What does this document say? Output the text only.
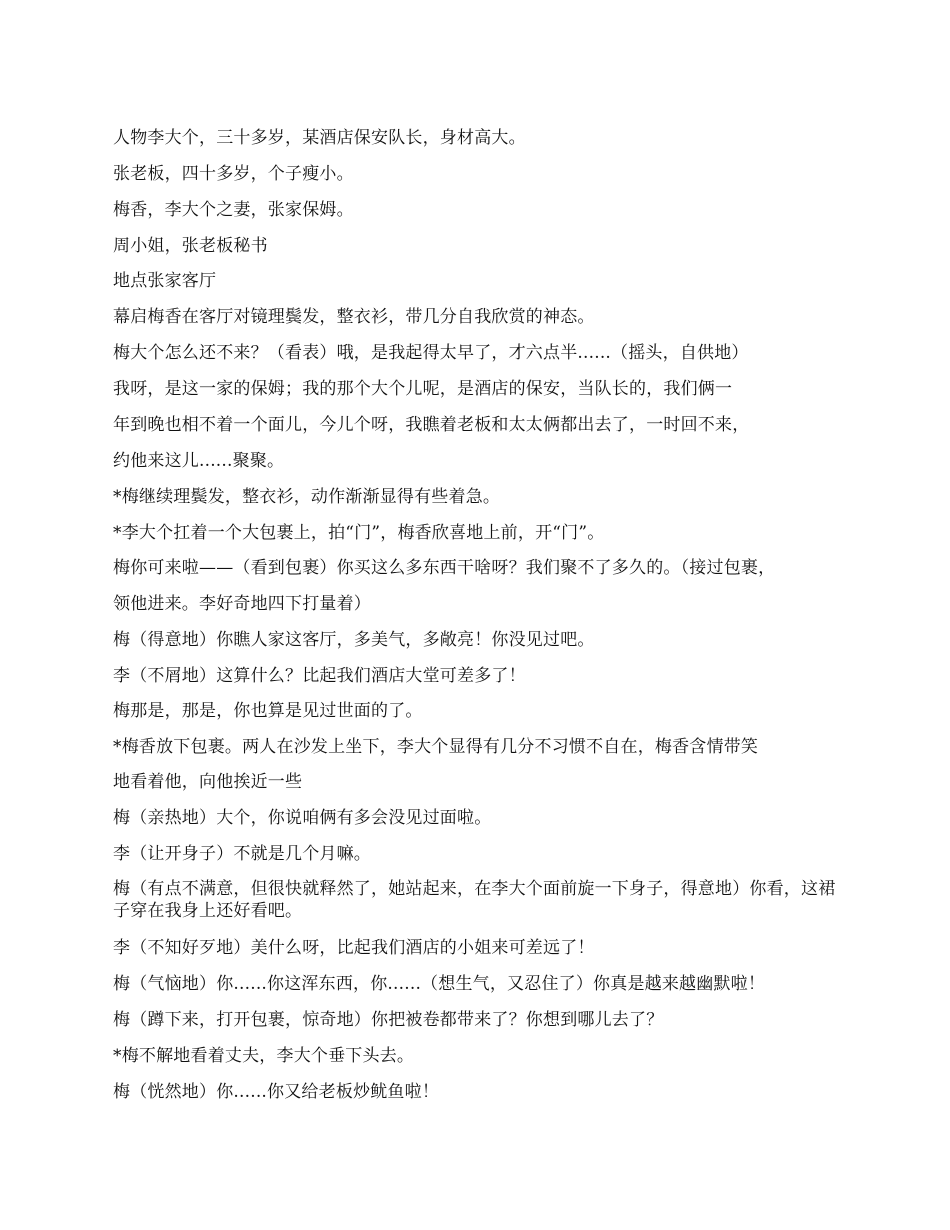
人物李大个，三十多岁，某酒店保安队长，身材高大。
张老板，四十多岁，个子瘦小。
梅香，李大个之妻，张家保姆。
周小姐，张老板秘书
地点张家客厅
幕启梅香在客厅对镜理鬓发，整衣衫，带几分自我欣赏的神态。
梅大个怎么还不来？（看表）哦，是我起得太早了，才六点半......（摇头，自供地）
我呀，是这一家的保姆；我的那个大个儿呢，是酒店的保安，当队长的，我们俩一
年到晚也相不着一个面儿，今儿个呀，我瞧着老板和太太俩都出去了，一时回不来，
约他来这儿......聚聚。
*梅继续理鬓发，整衣衫，动作渐渐显得有些着急。
*李大个扛着一个大包裹上，拍“门”，梅香欣喜地上前，开“门”。
梅你可来啦——（看到包裹）你买这么多东西干啥呀？我们聚不了多久的。（接过包裹，
领他进来。李好奇地四下打量着）
梅（得意地）你瞧人家这客厅，多美气，多敞亮！你没见过吧。
李（不屑地）这算什么？比起我们酒店大堂可差多了！
梅那是，那是，你也算是见过世面的了。
*梅香放下包裹。两人在沙发上坐下，李大个显得有几分不习惯不自在，梅香含情带笑
地看着他，向他挨近一些
梅（亲热地）大个，你说咱俩有多会没见过面啦。
李（让开身子）不就是几个月嘛。
梅（有点不满意，但很快就释然了，她站起来，在李大个面前旋一下身子，得意地）你看，这裙子穿在我身上还好看吧。
李（不知好歹地）美什么呀，比起我们酒店的小姐来可差远了！
梅（气恼地）你......你这浑东西，你......（想生气，又忍住了）你真是越来越幽默啦！
梅（蹲下来，打开包裹，惊奇地）你把被卷都带来了？你想到哪儿去了？
*梅不解地看着丈夫，李大个垂下头去。
梅（恍然地）你......你又给老板炒鱿鱼啦！
